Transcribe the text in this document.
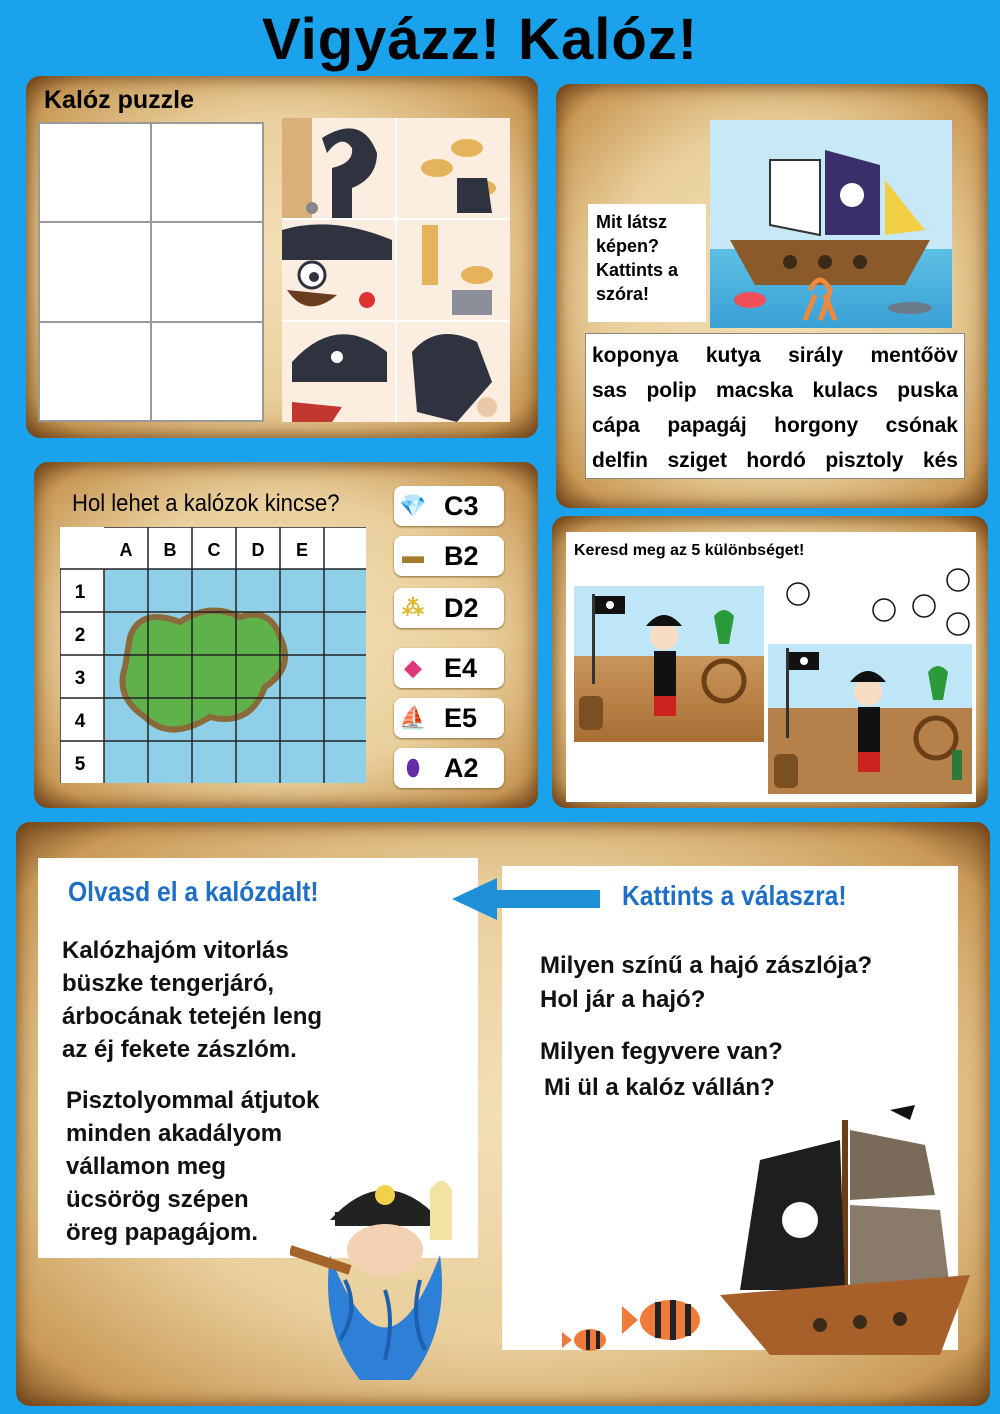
Vigyázz! Kalóz!
Kalóz puzzle
Mit látsz
képen?
Kattints a
szóra!
koponya kutya sirály mentőöv
sas polip macska kulacs puska
cápa papagáj horgony csónak
delfin sziget hordó pisztoly kés
Hol lehet a kalózok kincse?
A B C D E
1
2
3
4
5
💎 C3
▬ B2
⁂ D2
◆ E4
⛵ E5
⬮ A2
Keresd meg az 5 különbséget!
Olvasd el a kalózdalt!	Kattints a válaszra!
Kalózhajóm vitorlás
büszke tengerjáró,
árbocának tetején leng
az éj fekete zászlóm.
Pisztolyommal átjutok
minden akadályom
vállamon meg
ücsörög szépen
öreg papagájom.
Milyen színű a hajó zászlója?
Hol jár a hajó?
Milyen fegyvere van?
Mi ül a kalóz vállán?
